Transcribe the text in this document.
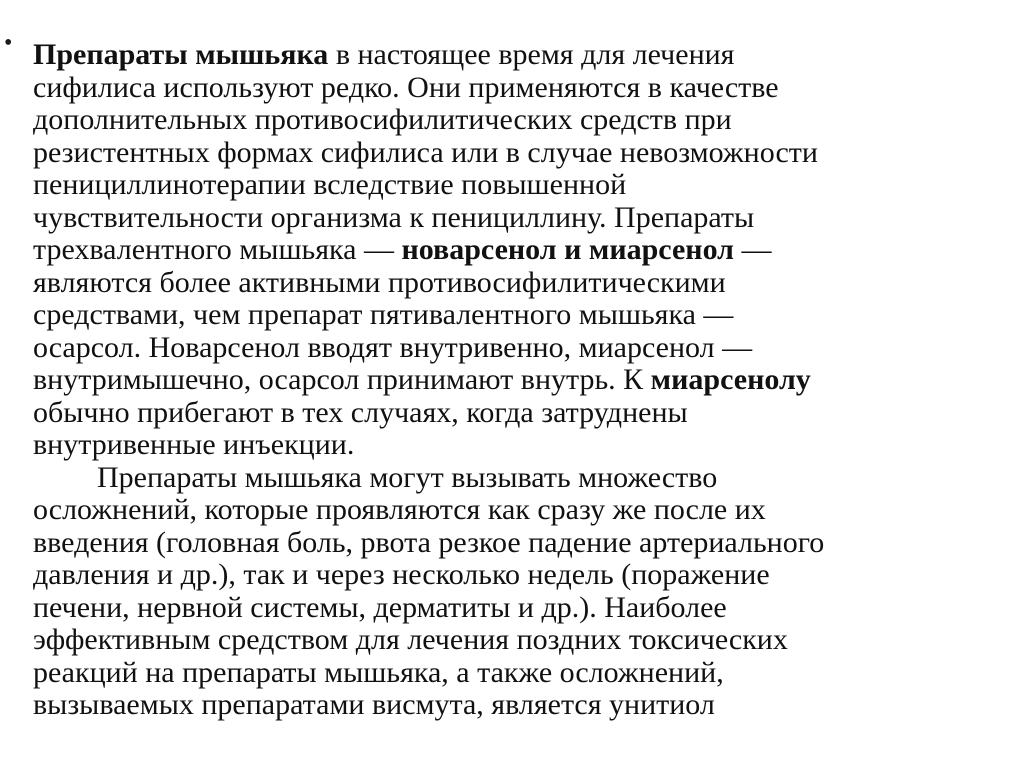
• Препараты мышьяка в настоящее время для лечения
сифилиса используют редко. Они применяются в качестве
дополнительных противосифилитических средств при
резистентных формах сифилиса или в случае невозможности
пенициллинотерапии вследствие повышенной
чувствительности организма к пенициллину. Препараты
трехвалентного мышьяка — новарсенол и миарсенол —
являются более активными противосифилитическими
средствами, чем препарат пятивалентного мышьяка —
осарсол. Новарсенол вводят внутривенно, миарсенол —
внутримышечно, осарсол принимают внутрь. К миарсенолу
обычно прибегают в тех случаях, когда затруднены
внутривенные инъекции.
Препараты мышьяка могут вызывать множество
осложнений, которые проявляются как сразу же после их
введения (головная боль, рвота резкое падение артериального
давления и др.), так и через несколько недель (поражение
печени, нервной системы, дерматиты и др.). Наиболее
эффективным средством для лечения поздних токсических
реакций на препараты мышьяка, а также осложнений,
вызываемых препаратами висмута, является унитиол
